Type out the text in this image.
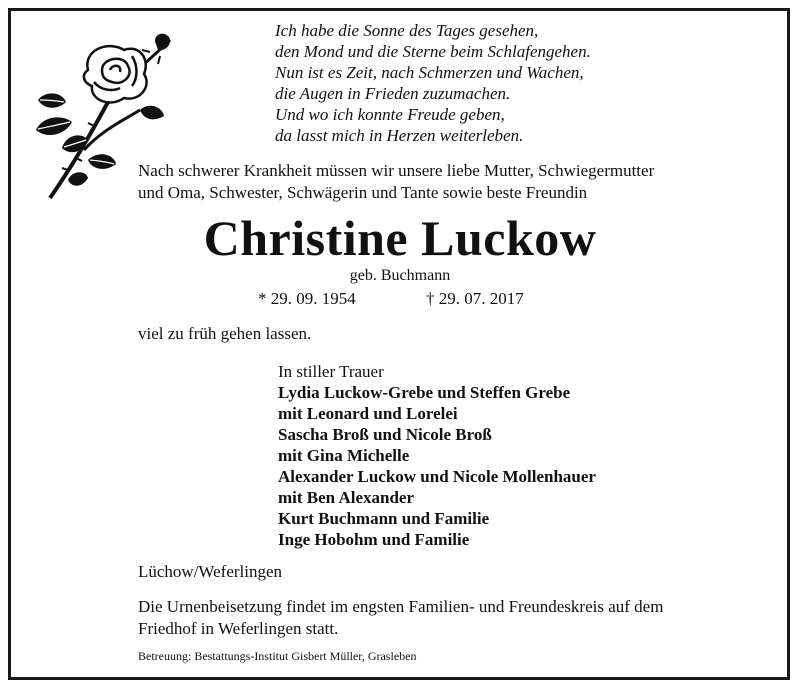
Ich habe die Sonne des Tages gesehen,
den Mond und die Sterne beim Schlafengehen.
Nun ist es Zeit, nach Schmerzen und Wachen,
die Augen in Frieden zuzumachen.
Und wo ich konnte Freude geben,
da lasst mich in Herzen weiterleben.
Nach schwerer Krankheit müssen wir unsere liebe Mutter, Schwiegermutter
und Oma, Schwester, Schwägerin und Tante sowie beste Freundin
Christine Luckow
geb. Buchmann
* 29. 09. 1954	† 29. 07. 2017
viel zu früh gehen lassen.
In stiller Trauer
Lydia Luckow-Grebe und Steffen Grebe
mit Leonard und Lorelei
Sascha Broß und Nicole Broß
mit Gina Michelle
Alexander Luckow und Nicole Mollenhauer
mit Ben Alexander
Kurt Buchmann und Familie
Inge Hobohm und Familie
Lüchow/Weferlingen
Die Urnenbeisetzung findet im engsten Familien- und Freundeskreis auf dem
Friedhof in Weferlingen statt.
Betreuung: Bestattungs-Institut Gisbert Müller, Grasleben
